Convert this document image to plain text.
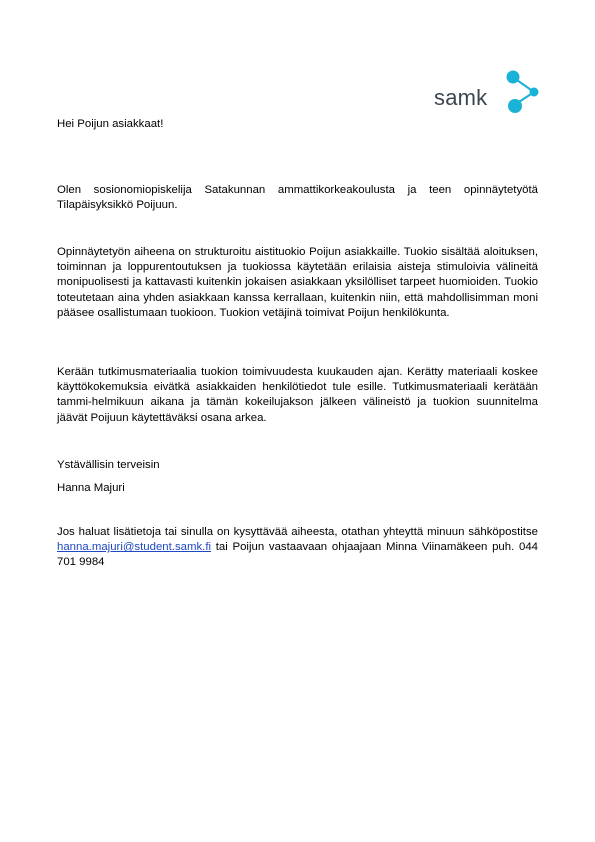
samk
Hei Poijun asiakkaat!
Olen sosionomiopiskelija Satakunnan ammattikorkeakoulusta ja teen opinnäytetyötä Tilapäisyksikkö Poijuun.
Opinnäytetyön aiheena on strukturoitu aistituokio Poijun asiakkaille. Tuokio sisältää aloituksen, toiminnan ja loppurentoutuksen ja tuokiossa käytetään erilaisia aisteja stimuloivia välineitä monipuolisesti ja kattavasti kuitenkin jokaisen asiakkaan yksilölliset tarpeet huomioiden. Tuokio toteutetaan aina yhden asiakkaan kanssa kerrallaan, kuitenkin niin, että mahdollisimman moni pääsee osallistumaan tuokioon. Tuokion vetäjinä toimivat Poijun henkilökunta.
Kerään tutkimusmateriaalia tuokion toimivuudesta kuukauden ajan. Kerätty materiaali koskee käyttökokemuksia eivätkä asiakkaiden henkilötiedot tule esille. Tutkimusmateriaali kerätään tammi-helmikuun aikana ja tämän kokeilujakson jälkeen välineistö ja tuokion suunnitelma jäävät Poijuun käytettäväksi osana arkea.
Ystävällisin terveisin
Hanna Majuri
Jos haluat lisätietoja tai sinulla on kysyttävää aiheesta, otathan yhteyttä minuun sähköpostitse hanna.majuri@student.samk.fi tai Poijun vastaavaan ohjaajaan Minna Viinamäkeen puh. 044 701 9984
